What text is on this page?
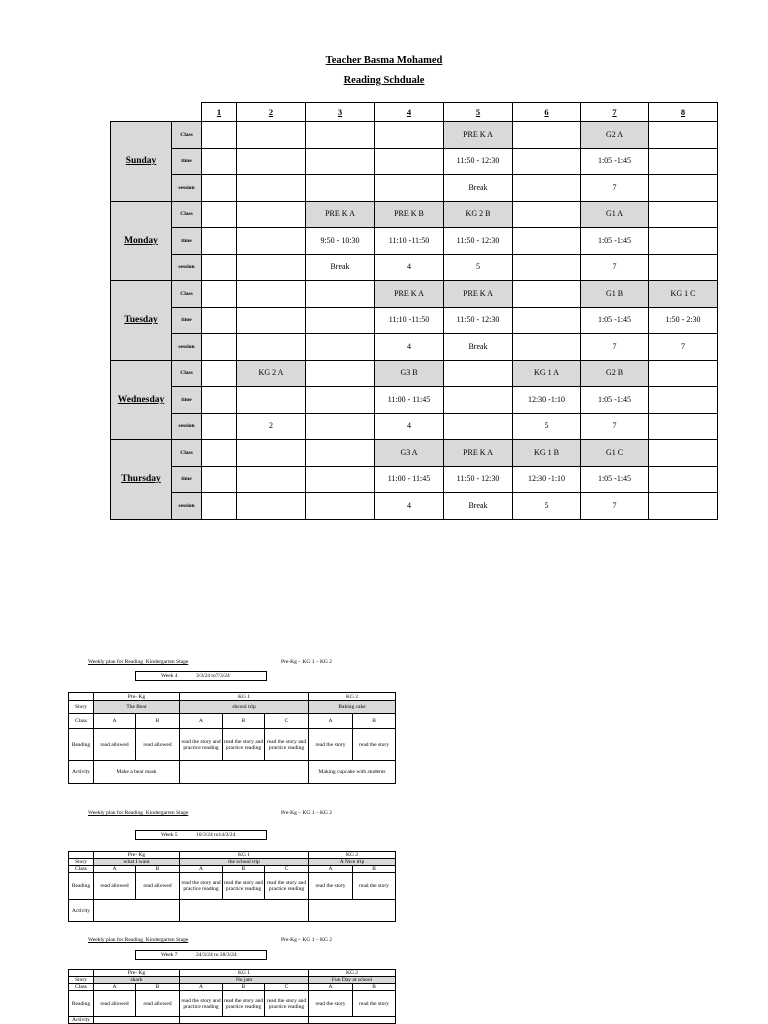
Teacher Basma Mohamed
Reading Schduale
		1	2	3	4	5	6	7	8
Sunday	Class					PRE K A		G2 A	
	time					11:50 - 12:30		1:05 -1:45	
	session					Break		7	
Monday	Class			PRE K A	PRE K B	KG 2 B		G1 A	
	time			9:50 - 10:30	11:10 -11:50	11:50 - 12:30		1:05 -1:45	
	session			Break	4	5		7	
Tuesday	Class				PRE K A	PRE K A		G1 B	KG 1 C
	time				11:10 -11:50	11:50 - 12:30		1:05 -1:45	1:50 - 2:30
	session				4	Break		7	7
Wednesday	Class		KG 2 A		G3 B		KG 1 A	G2 B	
	time				11:00 - 11:45		12:30 -1:10	1:05 -1:45	
	session		2		4		5	7	
Thursday	Class				G3 A	PRE K A	KG 1 B	G1 C	
	time				11:00 - 11:45	11:50 - 12:30	12:30 -1:10	1:05 -1:45	
	session				4	Break	5	7	
Weekly plan for Reading  Kindergarten Stage	Pre-Kg – KG 1 – KG 2
Week 4	3/3/24 to7/3/24
	Pre- Kg		KG 1			KG 2	
Story	The Bear		shcool trip			Baking cake	
Class	A	B	A	B	C	A	B
Reading	read allowed	read allowed	read the story and practice reading	read the story and practice reading	read the story and practice reading	read the story	read the story
Activity	Make a bear mask					Making cupcake with students	
Weekly plan for Reading  Kindergarten Stage	Pre-Kg – KG 1 – KG 2
Week 5	10/3/24 to14/3/24
	Pre- Kg		KG 1			KG 2	
Story	what I want		the school trip			A Nice trip	
Class	A	B	A	B	C	A	B
Reading	read allowed	read allowed	read the story and practice reading	read the story and practice reading	read the story and practice reading	read the story	read the story
Activity							
Weekly plan for Reading  Kindergarten Stage	Pre-Kg – KG 1 – KG 2
Week 7	24/3/24 to 28/3/24
	Pre- Kg		KG 1			KG 2	
Story	shark		No jam			Fun Day at school	
Class	A	B	A	B	C	A	B
Reading	read allowed	read allowed	read the story and practice reading	read the story and practice reading	read the story and practice reading	read the story	read the story
Activity							
